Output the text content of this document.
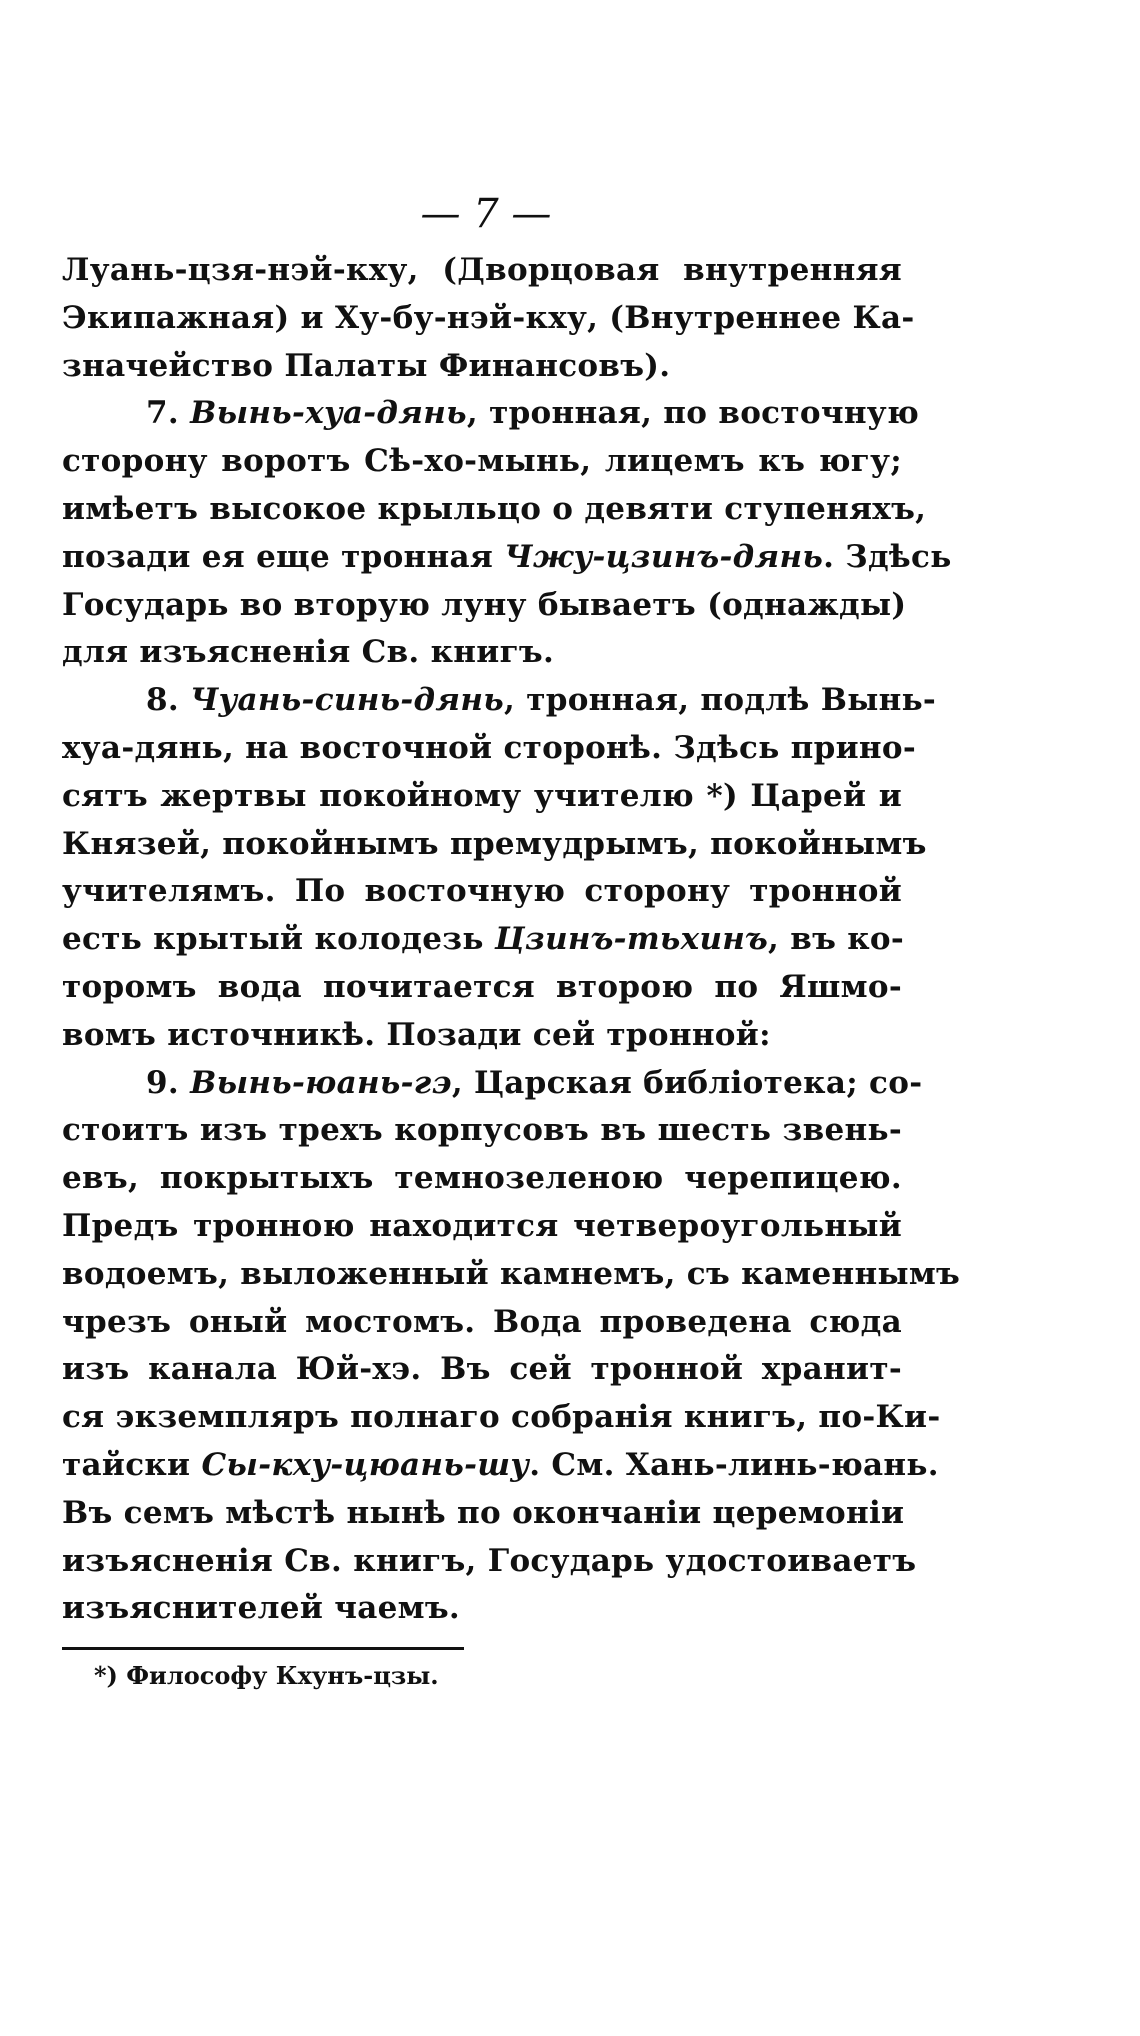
— 7 —
Луань-цзя-нэй-кху, (Дворцовая внутренняя
Экипажная) и Ху-бу-нэй-кху, (Внутреннее Ка-
значейство Палаты Финансовъ).
7. Вынь-хуа-дянь, тронная, по восточную
сторону воротъ Сѣ-хо-мынь, лицемъ къ югу;
имѣетъ высокое крыльцо о девяти ступеняхъ,
позади ея еще тронная Чжу-цзинъ-дянь. Здѣсь
Государь во вторую луну бываетъ (однажды)
для изъясненія Св. книгъ.
8. Чуань-синь-дянь, тронная, подлѣ Вынь-
хуа-дянь, на восточной сторонѣ. Здѣсь прино-
сятъ жертвы покойному учителю *) Царей и
Князей, покойнымъ премудрымъ, покойнымъ
учителямъ. По восточную сторону тронной
есть крытый колодезь Цзинъ-тьхинъ, въ ко-
торомъ вода почитается второю по Яшмо-
вомъ источникѣ. Позади сей тронной:
9. Вынь-юань-гэ, Царская библіотека; со-
стоитъ изъ трехъ корпусовъ въ шесть звень-
евъ, покрытыхъ темнозеленою черепицею.
Предъ тронною находится четвероугольный
водоемъ, выложенный камнемъ, съ каменнымъ
чрезъ оный мостомъ. Вода проведена сюда
изъ канала Юй-хэ. Въ сей тронной хранит-
ся экземпляръ полнаго собранія книгъ, по-Ки-
тайски Сы-кху-цюань-шу. См. Хань-линь-юань.
Въ семъ мѣстѣ нынѣ по окончаніи церемоніи
изъясненія Св. книгъ, Государь удостоиваетъ
изъяснителей чаемъ.
*) Философу Кхунъ-цзы.
